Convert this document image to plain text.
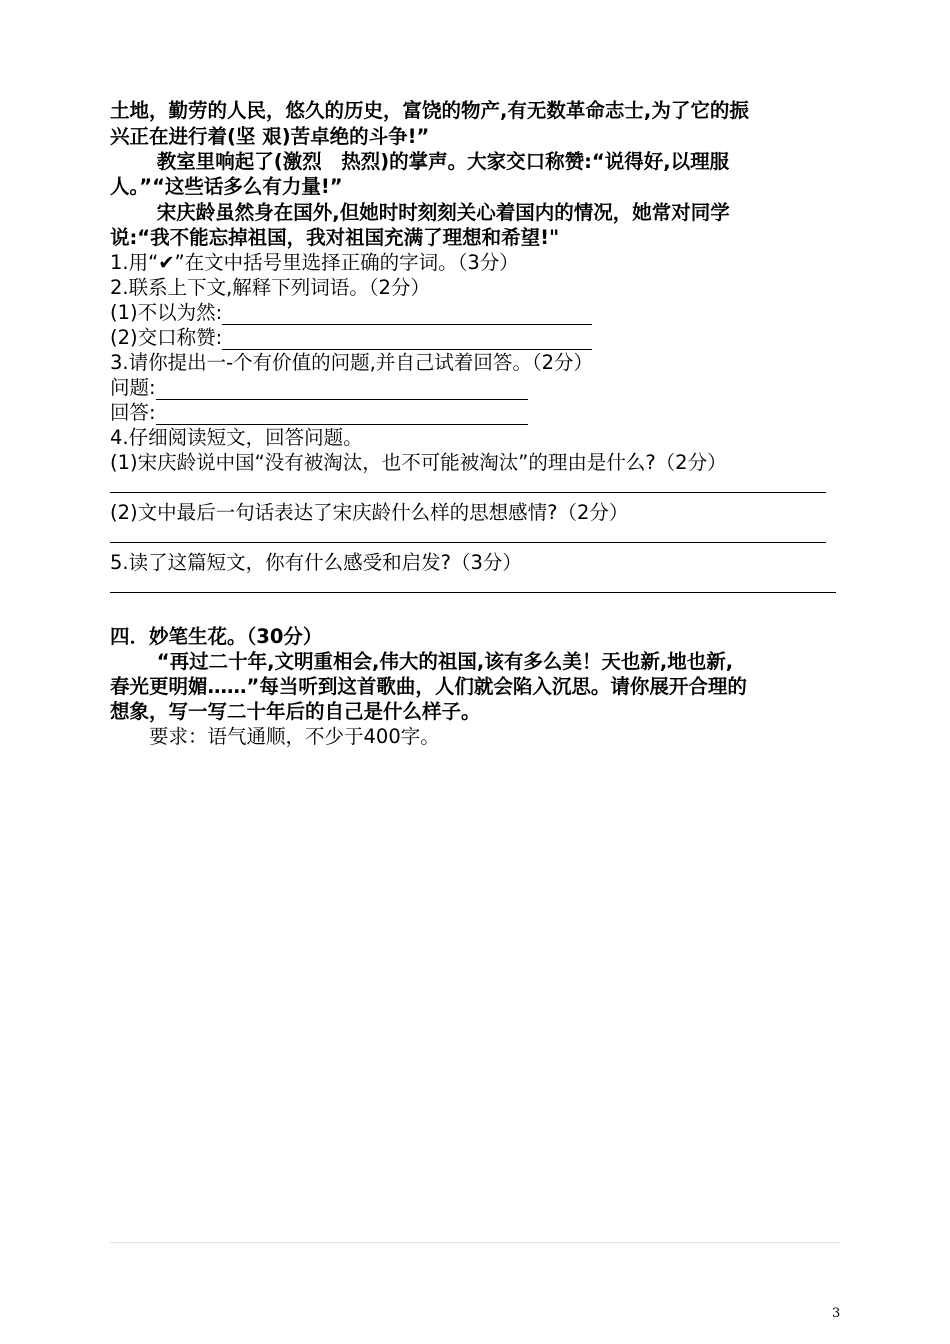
土地，勤劳的人民，悠久的历史，富饶的物产,有无数革命志士,为了它的振
兴正在进行着(坚 艰)苦卓绝的斗争!”
教室里响起了(激烈　热烈)的掌声。大家交口称赞:“说得好,以理服
人。”“这些话多么有力量!”
宋庆龄虽然身在国外,但她时时刻刻关心着国内的情况，她常对同学
说:“我不能忘掉祖国，我对祖国充满了理想和希望!"
1.用“✔”在文中括号里选择正确的字词。（3分）
2.联系上下文,解释下列词语。（2分）
(1)不以为然:
(2)交口称赞:
3.请你提出一-个有价值的问题,并自己试着回答。（2分）
问题:
回答:
4.仔细阅读短文，回答问题。
(1)宋庆龄说中国“没有被淘汰，也不可能被淘汰”的理由是什么?（2分）
(2)文中最后一句话表达了宋庆龄什么样的思想感情?（2分）
5.读了这篇短文，你有什么感受和启发?（3分）
四．妙笔生花。（30分）
“再过二十年,文明重相会,伟大的祖国,该有多么美！天也新,地也新,
春光更明媚……”每当听到这首歌曲，人们就会陷入沉思。请你展开合理的
想象，写一写二十年后的自己是什么样子。
要求：语气通顺，不少于400字。
3
